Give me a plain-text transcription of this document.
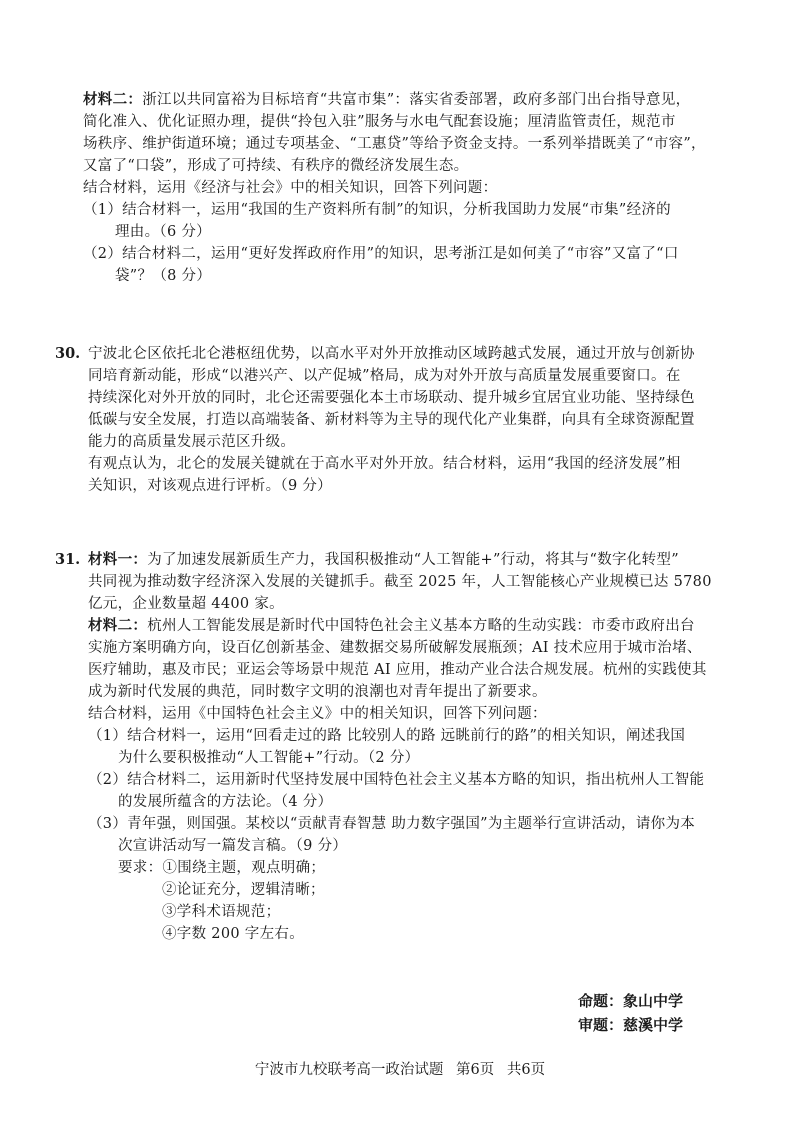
材料二：浙江以共同富裕为目标培育“共富市集”：落实省委部署，政府多部门出台指导意见，
简化准入、优化证照办理，提供“拎包入驻”服务与水电气配套设施；厘清监管责任，规范市
场秩序、维护街道环境；通过专项基金、“工惠贷”等给予资金支持。一系列举措既美了“市容”，
又富了“口袋”，形成了可持续、有秩序的微经济发展生态。
结合材料，运用《经济与社会》中的相关知识，回答下列问题：
（1）结合材料一，运用“我国的生产资料所有制”的知识，分析我国助力发展“市集”经济的
理由。（6 分）
（2）结合材料二，运用“更好发挥政府作用”的知识，思考浙江是如何美了“市容”又富了“口
袋”？（8 分）
30. 宁波北仑区依托北仑港枢纽优势，以高水平对外开放推动区域跨越式发展，通过开放与创新协
同培育新动能，形成“以港兴产、以产促城”格局，成为对外开放与高质量发展重要窗口。在
持续深化对外开放的同时，北仑还需要强化本土市场联动、提升城乡宜居宜业功能、坚持绿色
低碳与安全发展，打造以高端装备、新材料等为主导的现代化产业集群，向具有全球资源配置
能力的高质量发展示范区升级。
有观点认为，北仑的发展关键就在于高水平对外开放。结合材料，运用“我国的经济发展”相
关知识，对该观点进行评析。（9 分）
31. 材料一：为了加速发展新质生产力，我国积极推动“人工智能+”行动，将其与“数字化转型”
共同视为推动数字经济深入发展的关键抓手。截至 2025 年，人工智能核心产业规模已达 5780
亿元，企业数量超 4400 家。
材料二：杭州人工智能发展是新时代中国特色社会主义基本方略的生动实践：市委市政府出台
实施方案明确方向，设百亿创新基金、建数据交易所破解发展瓶颈；AI 技术应用于城市治堵、
医疗辅助，惠及市民；亚运会等场景中规范 AI 应用，推动产业合法合规发展。杭州的实践使其
成为新时代发展的典范，同时数字文明的浪潮也对青年提出了新要求。
结合材料，运用《中国特色社会主义》中的相关知识，回答下列问题：
（1）结合材料一，运用“回看走过的路 比较别人的路 远眺前行的路”的相关知识，阐述我国
为什么要积极推动“人工智能+”行动。（2 分）
（2）结合材料二，运用新时代坚持发展中国特色社会主义基本方略的知识，指出杭州人工智能
的发展所蕴含的方法论。（4 分）
（3）青年强，则国强。某校以“贡献青春智慧 助力数字强国”为主题举行宣讲活动，请你为本
次宣讲活动写一篇发言稿。（9 分）
要求：①围绕主题，观点明确；
②论证充分，逻辑清晰；
③学科术语规范；
④字数 200 字左右。
命题：象山中学
审题：慈溪中学
宁波市九校联考高一政治试题 第6页 共6页
